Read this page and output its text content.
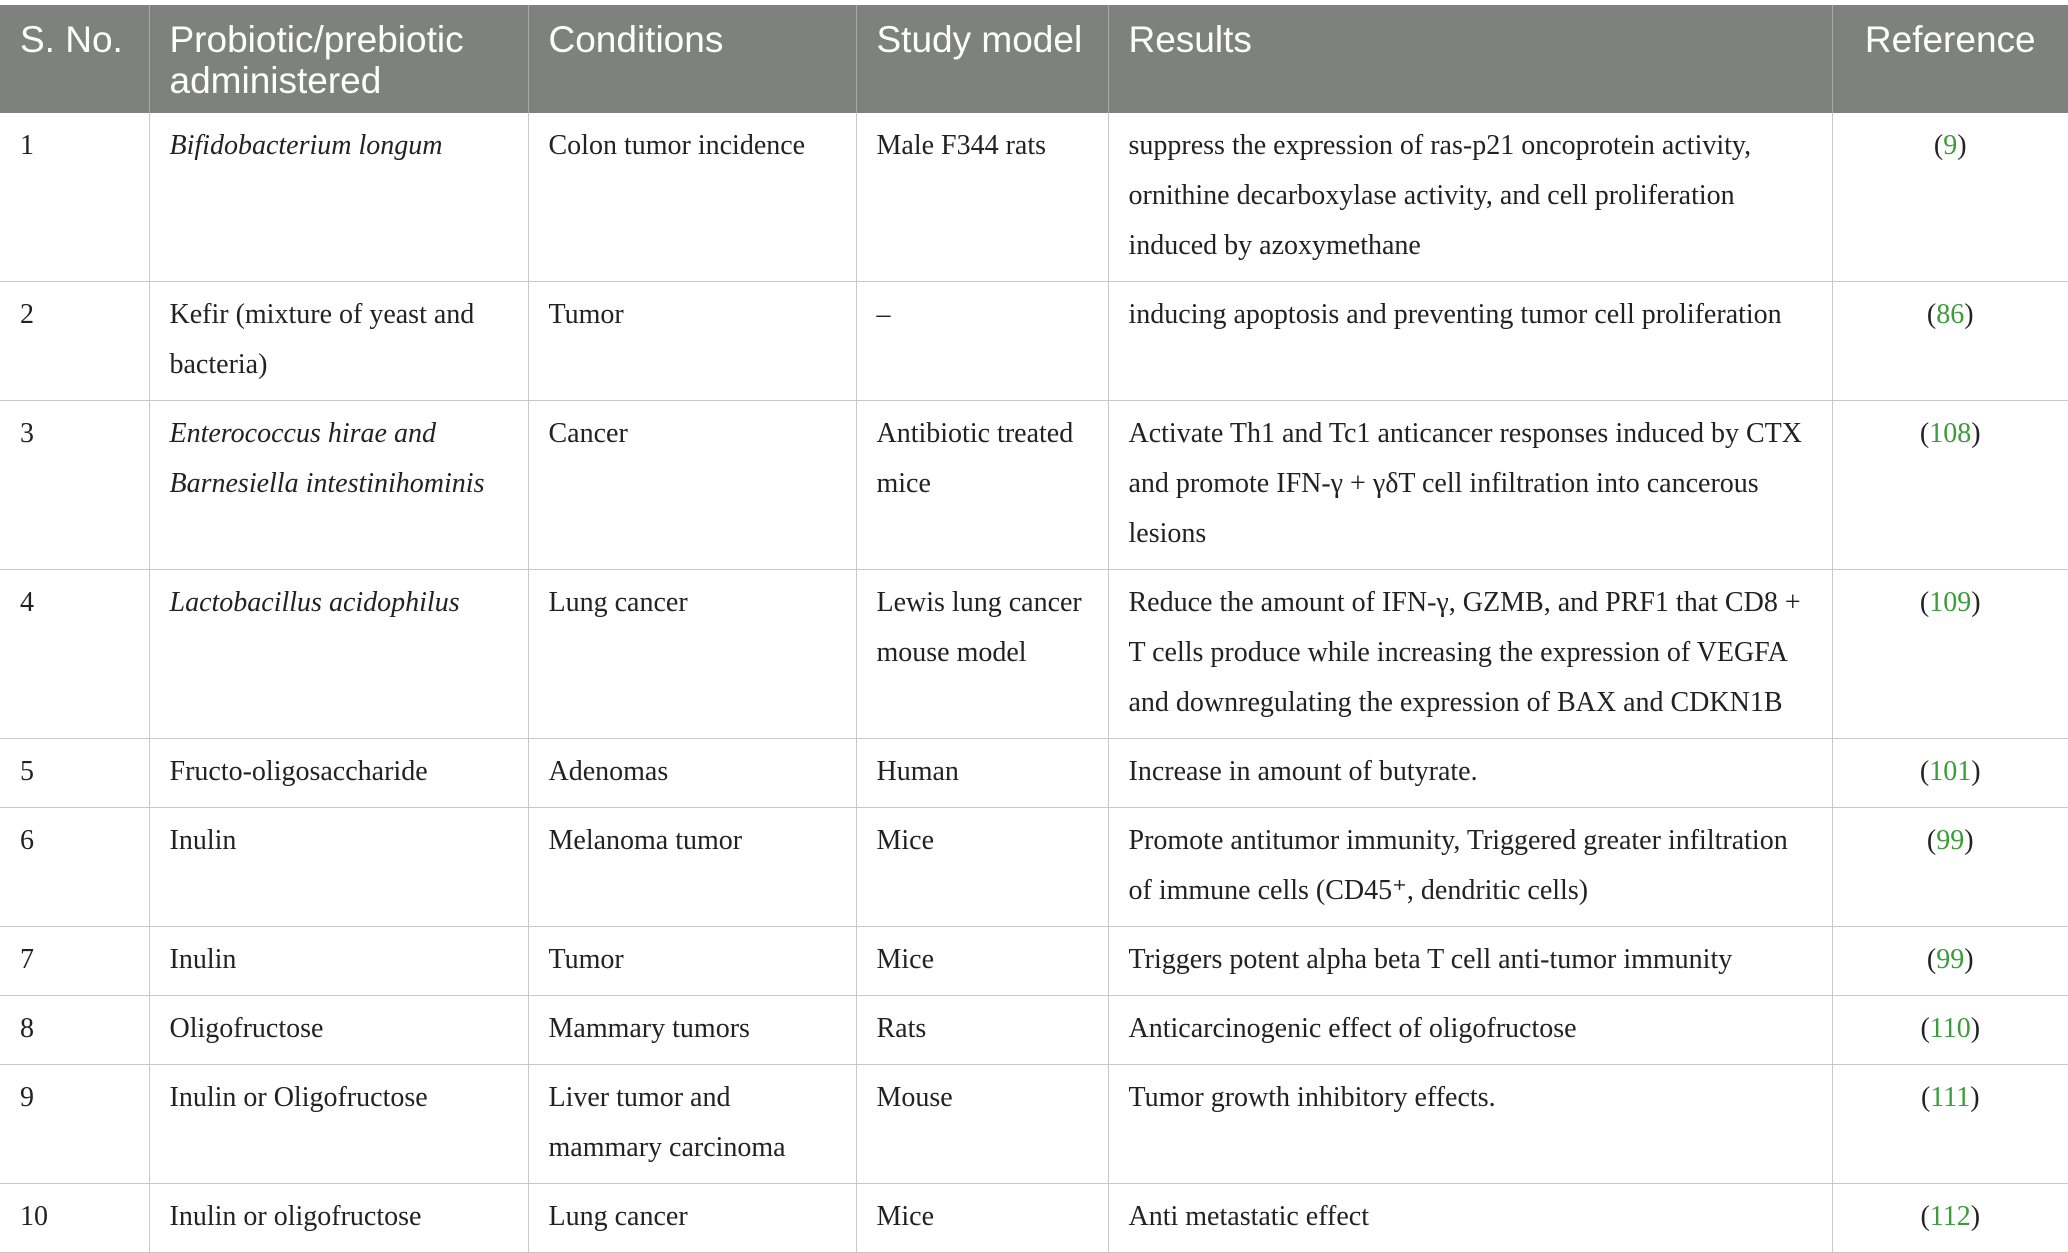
S. No.	Probiotic/prebiotic administered	Conditions	Study model	Results	Reference
1	Bifidobacterium longum	Colon tumor incidence	Male F344 rats	suppress the expression of ras-p21 oncoprotein activity, ornithine decarboxylase activity, and cell proliferation induced by azoxymethane	(9)
2	Kefir (mixture of yeast and bacteria)	Tumor	–	inducing apoptosis and preventing tumor cell proliferation	(86)
3	Enterococcus hirae and Barnesiella intestinihominis	Cancer	Antibiotic treated mice	Activate Th1 and Tc1 anticancer responses induced by CTX and promote IFN-γ + γδT cell infiltration into cancerous lesions	(108)
4	Lactobacillus acidophilus	Lung cancer	Lewis lung cancer mouse model	Reduce the amount of IFN-γ, GZMB, and PRF1 that CD8 + T cells produce while increasing the expression of VEGFA and downregulating the expression of BAX and CDKN1B	(109)
5	Fructo-oligosaccharide	Adenomas	Human	Increase in amount of butyrate.	(101)
6	Inulin	Melanoma tumor	Mice	Promote antitumor immunity, Triggered greater infiltration of immune cells (CD45⁺, dendritic cells)	(99)
7	Inulin	Tumor	Mice	Triggers potent alpha beta T cell anti-tumor immunity	(99)
8	Oligofructose	Mammary tumors	Rats	Anticarcinogenic effect of oligofructose	(110)
9	Inulin or Oligofructose	Liver tumor and mammary carcinoma	Mouse	Tumor growth inhibitory effects.	(111)
10	Inulin or oligofructose	Lung cancer	Mice	Anti metastatic effect	(112)
